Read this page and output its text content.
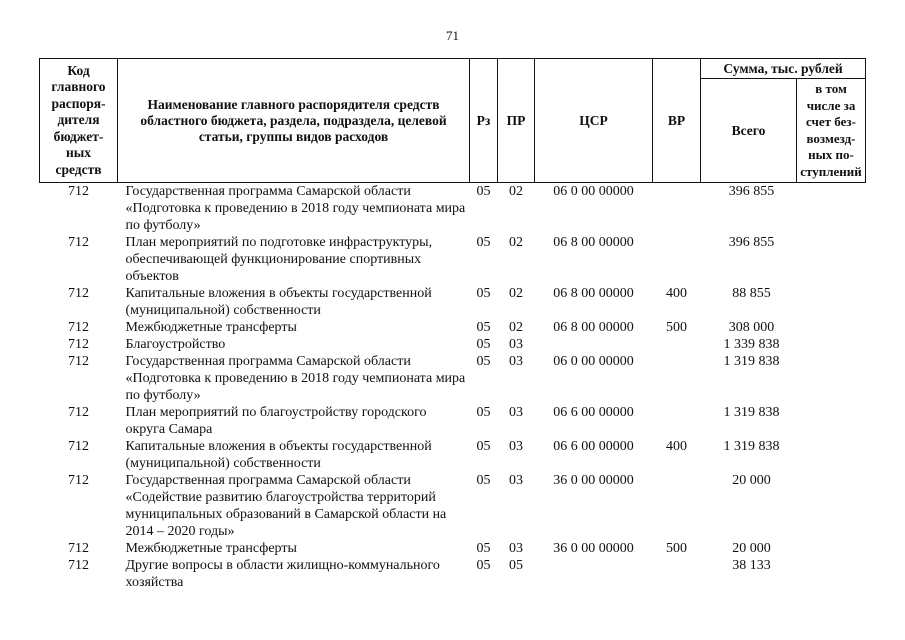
71
Код главного распоря-дителя бюджет-ных средств	Наименование главного распорядителя средств областного бюджета, раздела, подраздела, целевой статьи, группы видов расходов	Рз	ПР	ЦСР	ВР	Сумма, тыс. рублей	
						Всего	в том числе за счет без-возмезд-ных по-ступлений
712	Государственная программа Самарской области «Подготовка к проведению в 2018 году чемпионата мира по футболу»	05	02	06 0 00 00000		396 855	
712	План мероприятий по подготовке инфраструктуры, обеспечивающей функционирование спортивных объектов	05	02	06 8 00 00000		396 855	
712	Капитальные вложения в объекты государственной (муниципальной) собственности	05	02	06 8 00 00000	400	88 855	
712	Межбюджетные трансферты	05	02	06 8 00 00000	500	308 000	
712	Благоустройство	05	03			1 339 838	
712	Государственная программа Самарской области «Подготовка к проведению в 2018 году чемпионата мира по футболу»	05	03	06 0 00 00000		1 319 838	
712	План мероприятий по благоустройству городского округа Самара	05	03	06 6 00 00000		1 319 838	
712	Капитальные вложения в объекты государственной (муниципальной) собственности	05	03	06 6 00 00000	400	1 319 838	
712	Государственная программа Самарской области «Содействие развитию благоустройства территорий муниципальных образований в Самарской области на 2014 – 2020 годы»	05	03	36 0 00 00000		20 000	
712	Межбюджетные трансферты	05	03	36 0 00 00000	500	20 000	
712	Другие вопросы в области жилищно-коммунального хозяйства	05	05			38 133	
